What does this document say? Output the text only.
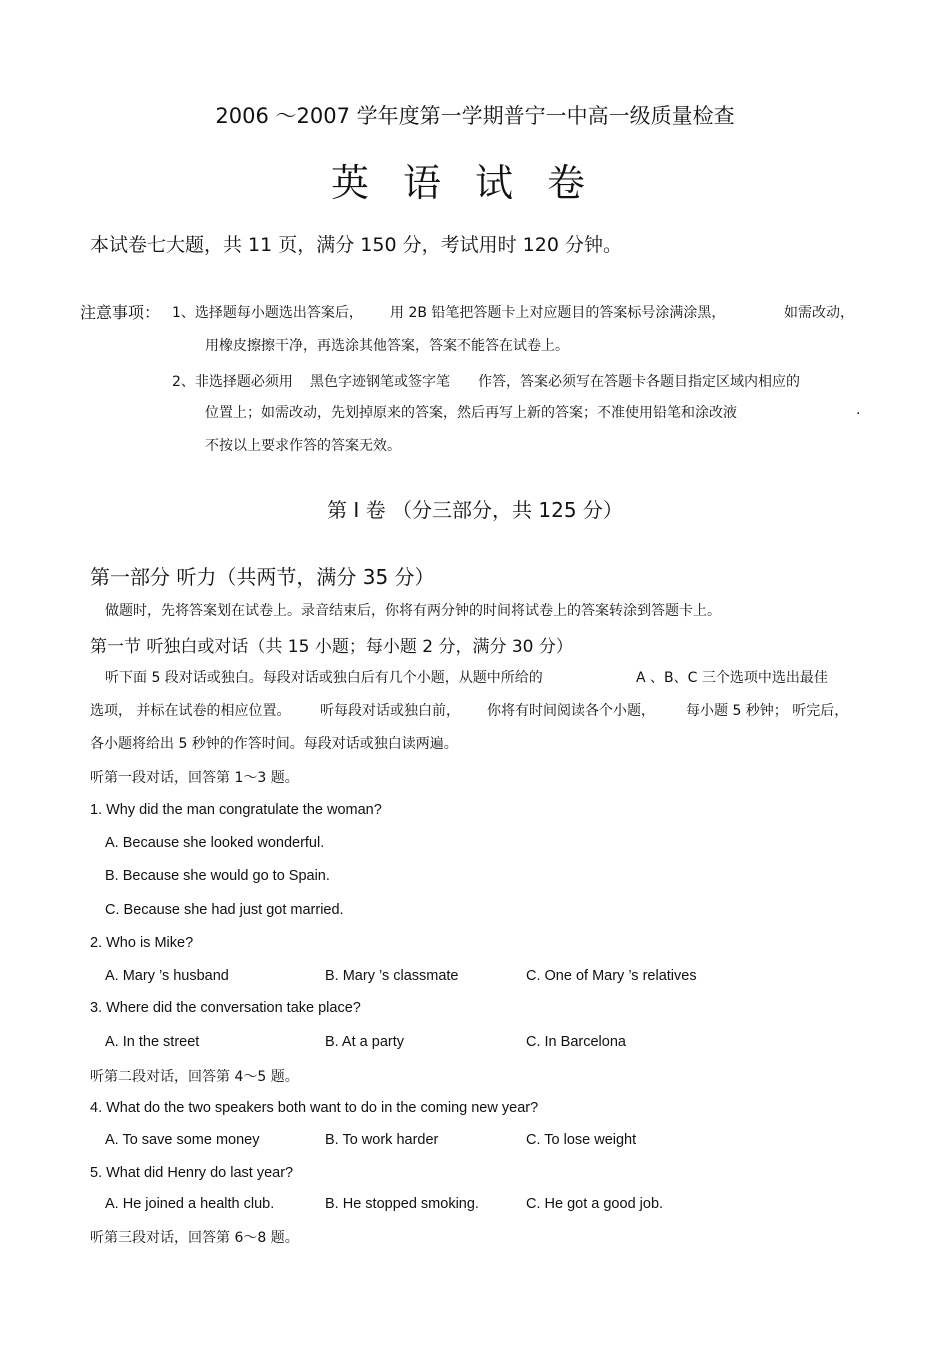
2006 ～2007 学年度第一学期普宁一中高一级质量检查
英语试卷
本试卷七大题，共 11 页，满分 150 分，考试用时 120 分钟。
注意事项： 1、选择题每小题选出答案后， 用 2B 铅笔把答题卡上对应题目的答案标号涂满涂黑，	如需改动，
用橡皮擦擦干净，再选涂其他答案，答案不能答在试卷上。
2、非选择题必须用 黑色字迹钢笔或签字笔 作答，答案必须写在答题卡各题目指定区域内相应的
位置上；如需改动，先划掉原来的答案，然后再写上新的答案；不准使用铅笔和涂改液	.
不按以上要求作答的答案无效。
第 I 卷 （分三部分，共 125 分）
第一部分 听力（共两节，满分 35 分）
做题时，先将答案划在试卷上。录音结束后，你将有两分钟的时间将试卷上的答案转涂到答题卡上。
第一节 听独白或对话（共 15 小题；每小题 2 分，满分 30 分）
听下面 5 段对话或独白。每段对话或独白后有几个小题，从题中所给的	A 、B、C 三个选项中选出最佳
选项， 并标在试卷的相应位置。 听每段对话或独白前， 你将有时间阅读各个小题， 每小题 5 秒钟； 听完后，
各小题将给出 5 秒钟的作答时间。每段对话或独白读两遍。
听第一段对话，回答第 1～3 题。
1. Why did the man congratulate the woman?
A. Because she looked wonderful.
B. Because she would go to Spain.
C. Because she had just got married.
2. Who is Mike?
A. Mary ’s husband	B. Mary ’s classmate	C. One of Mary ’s relatives
3. Where did the conversation take place?
A. In the street	B. At a party	C. In Barcelona
听第二段对话，回答第 4～5 题。
4. What do the two speakers both want to do in the coming new year?
A. To save some money	B. To work harder	C. To lose weight
5. What did Henry do last year?
A. He joined a health club.	B. He stopped smoking.	C. He got a good job.
听第三段对话，回答第 6～8 题。
